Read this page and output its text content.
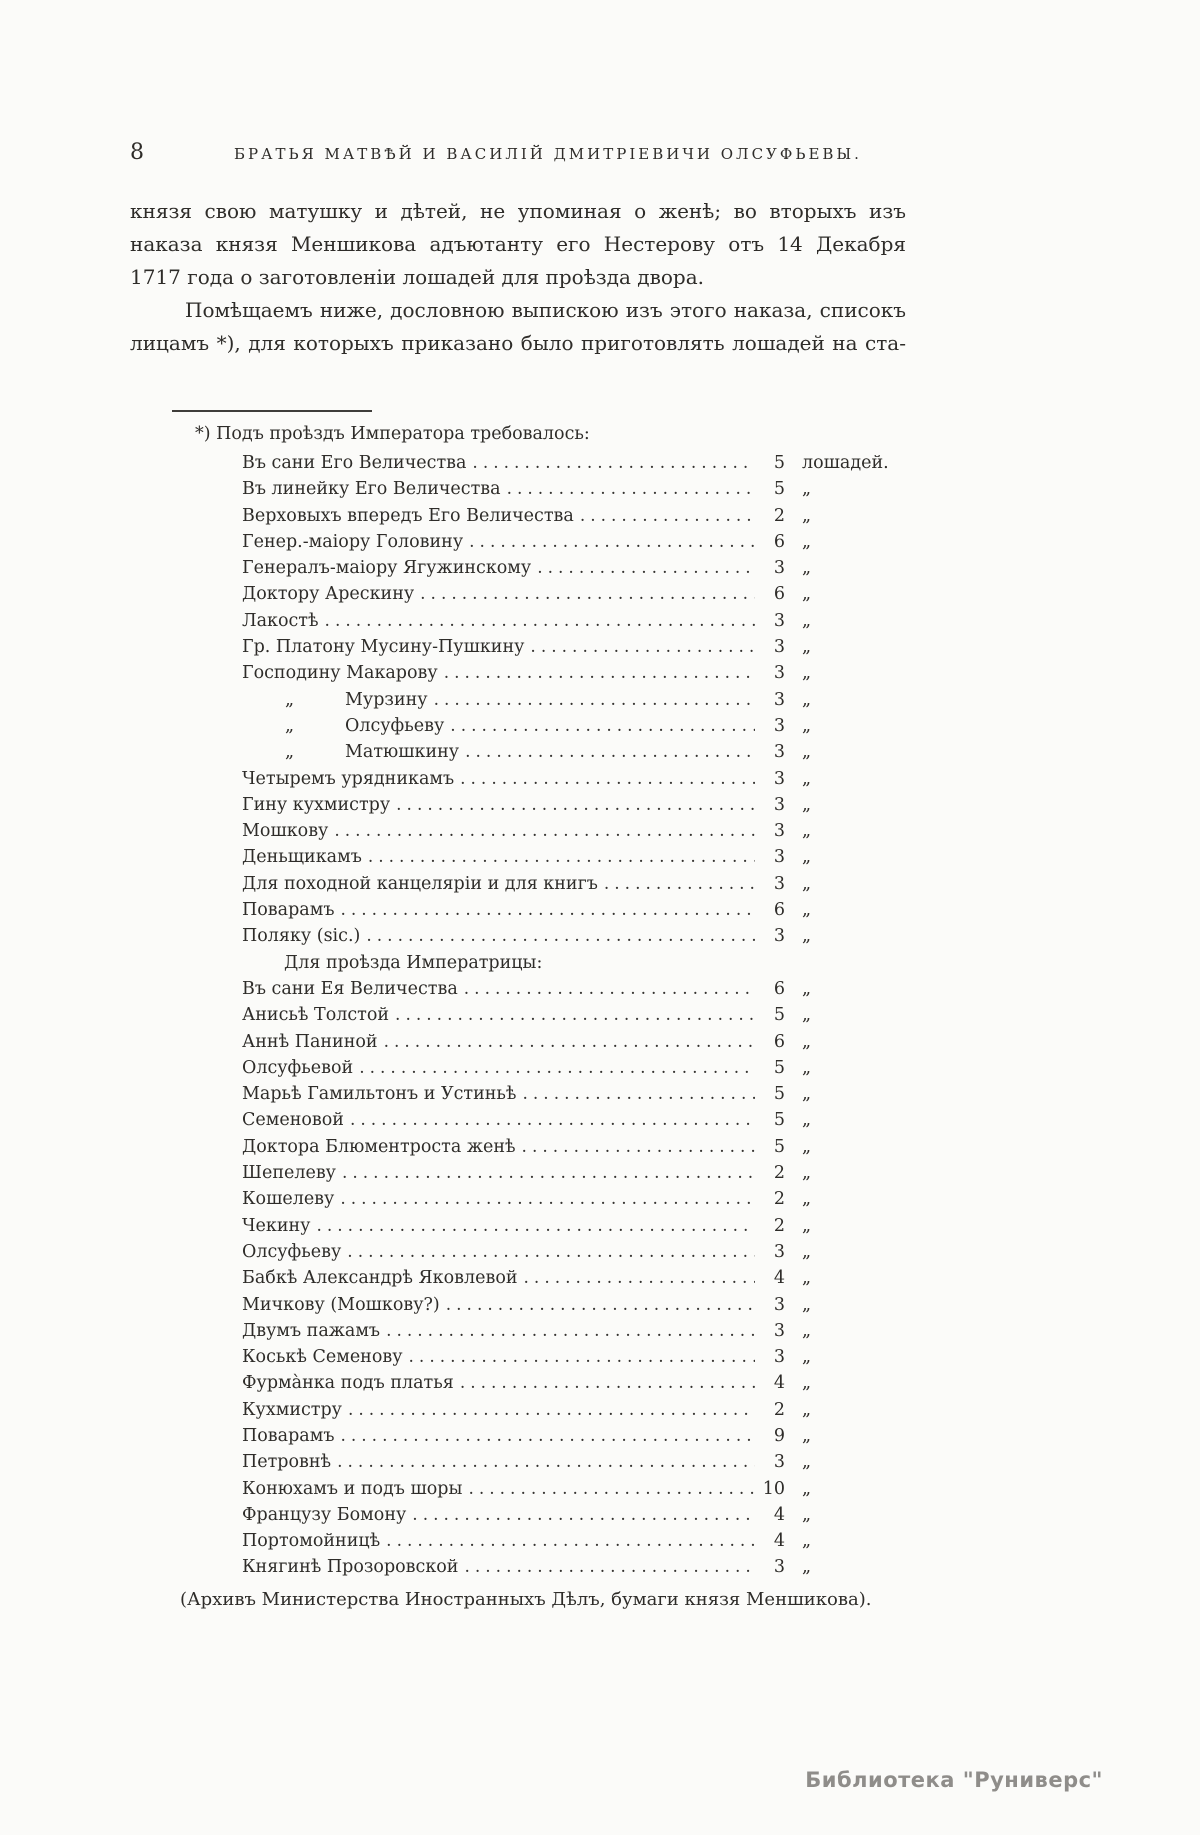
8	БРАТЬЯ МАТВѢЙ И ВАСИЛІЙ ДМИТРІЕВИЧИ ОЛСУФЬЕВЫ.
князя свою матушку и дѣтей, не упоминая о женѣ; во вторыхъ изъ
наказа князя Меншикова адъютанту его Нестерову отъ 14 Декабря
1717 года о заготовленіи лошадей для проѣзда двора.
Помѣщаемъ ниже, дословною выпискою изъ этого наказа, списокъ
лицамъ *), для которыхъ приказано было приготовлять лошадей на ста-
*) Подъ проѣздъ Императора требовалось:
Въ сани Его Величества .....	5 лошадей.
Въ линейку Его Величества .....	5 „
Верховыхъ впередъ Его Величества .....	2 „
Генер.-маіору Головину .....	6 „
Генералъ-маіору Ягужинскому .....	3 „
Доктору Арескину .....	6 „
Лакостѣ .....	3 „
Гр. Платону Мусину-Пушкину .....	3 „
Господину Макарову .....	3 „
„	Мурзину .....	3 „
„	Олсуфьеву .....	3 „
„	Матюшкину .....	3 „
Четыремъ урядникамъ .....	3 „
Гину кухмистру .....	3 „
Мошкову .....	3 „
Деньщикамъ .....	3 „
Для походной канцеляріи и для книгъ .....	3 „
Поварамъ .....	6 „
Поляку (sic.) .....	3 „
Для проѣзда Императрицы:
Въ сани Ея Величества .....	6 „
Анисьѣ Толстой .....	5 „
Аннѣ Паниной .....	6 „
Олсуфьевой .....	5 „
Марьѣ Гамильтонъ и Устиньѣ .....	5 „
Семеновой .....	5 „
Доктора Блюментроста женѣ .....	5 „
Шепелеву .....	2 „
Кошелеву .....	2 „
Чекину .....	2 „
Олсуфьеву .....	3 „
Бабкѣ Александрѣ Яковлевой .....	4 „
Мичкову (Мошкову?) .....	3 „
Двумъ пажамъ .....	3 „
Коськѣ Семенову .....	3 „
Фурма̀нка подъ платья .....	4 „
Кухмистру .....	2 „
Поварамъ .....	9 „
Петровнѣ .....	3 „
Конюхамъ и подъ шоры .....	10 „
Французу Бомону .....	4 „
Портомойницѣ .....	4 „
Княгинѣ Прозоровской .....	3 „
(Архивъ Министерства Иностранныхъ Дѣлъ, бумаги князя Меншикова).
Библиотека "Руниверс"
